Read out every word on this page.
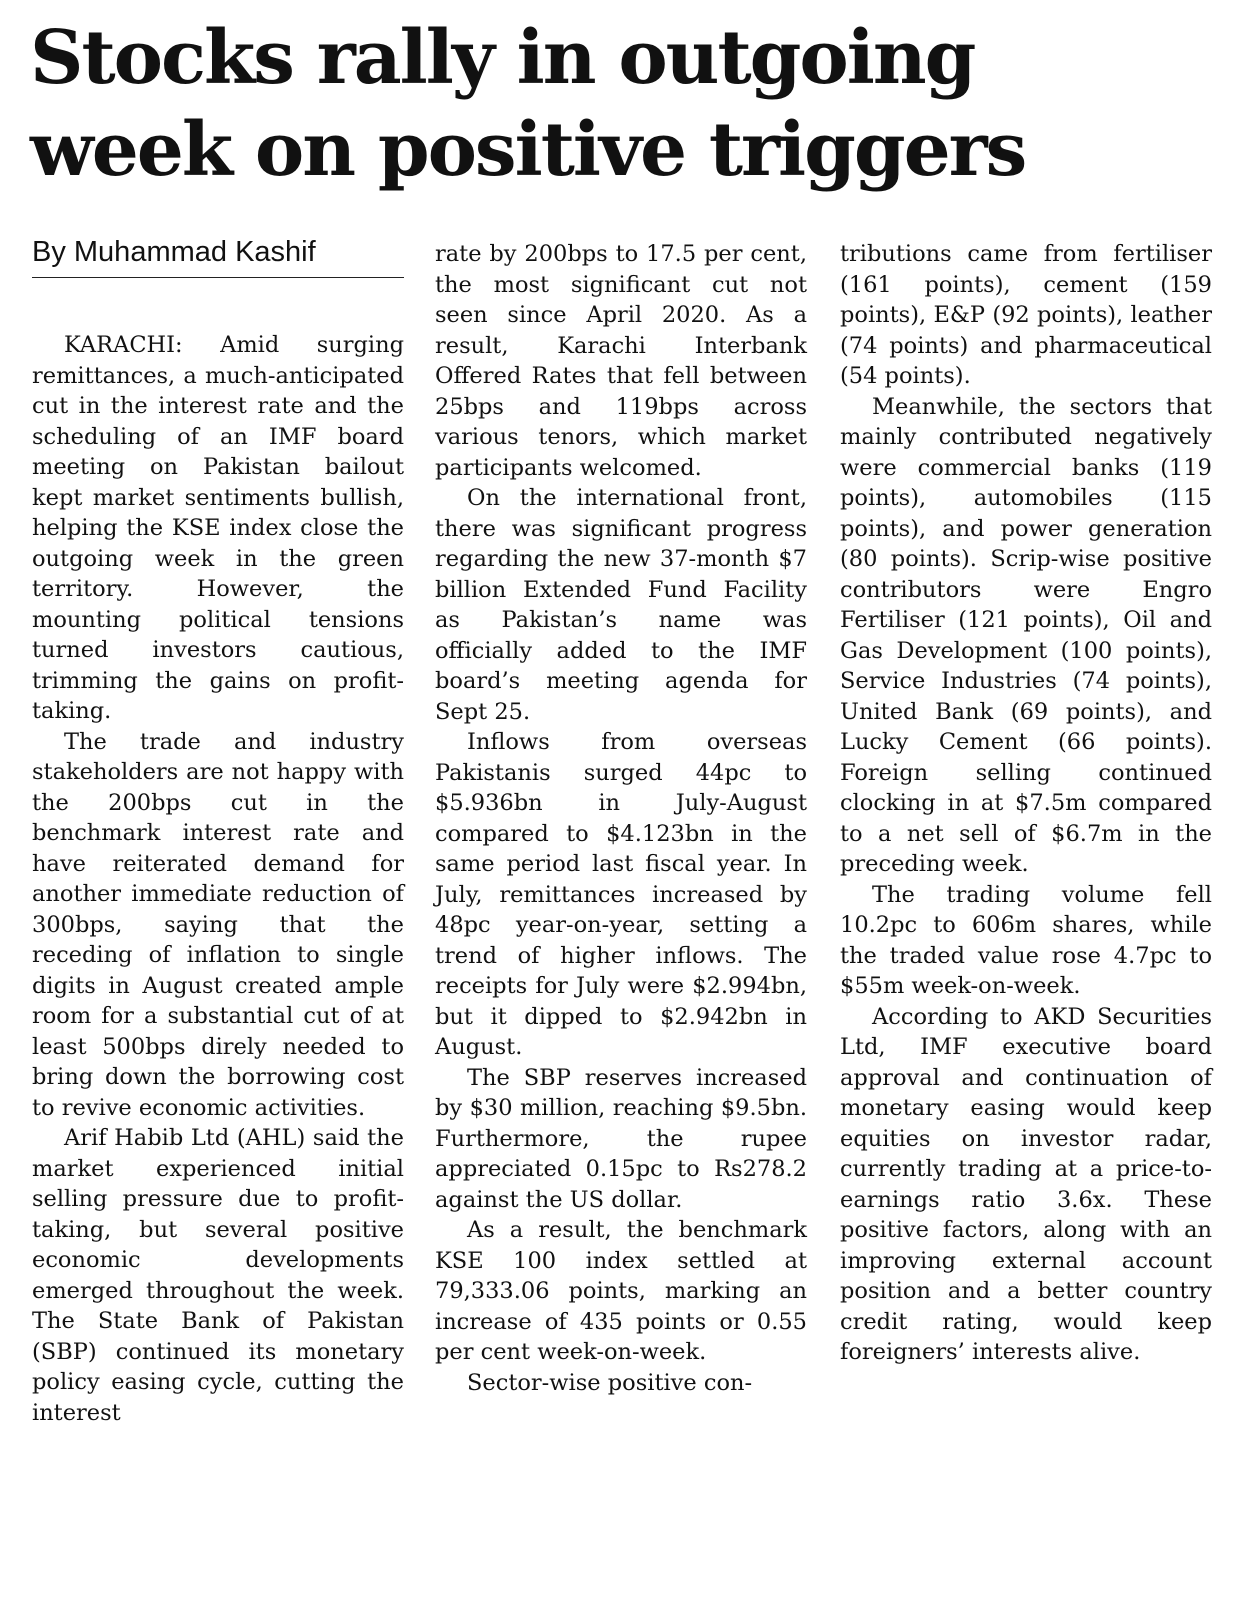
Stocks rally in outgoing
week on positive triggers
By Muhammad Kashif

KARACHI: Amid surging remittances, a much-anticipated cut in the interest rate and the scheduling of an IMF board meeting on Pakistan bailout kept market sentiments bullish, helping the KSE index close the outgoing week in the green territory. However, the mounting political tensions turned investors cautious, trimming the gains on profit-taking.

The trade and industry stakeholders are not happy with the 200bps cut in the benchmark interest rate and have reiterated demand for another immediate reduction of 300bps, saying that the receding of inflation to single digits in August created ample room for a substantial cut of at least 500bps direly needed to bring down the borrowing cost to revive economic activities.

Arif Habib Ltd (AHL) said the market experienced initial selling pressure due to profit-taking, but several positive economic developments emerged throughout the week. The State Bank of Pakistan (SBP) continued its monetary policy easing cycle, cutting the interest

rate by 200bps to 17.5 per cent, the most significant cut not seen since April 2020. As a result, Karachi Interbank Offered Rates that fell between 25bps and 119bps across various tenors, which market participants welcomed.

On the international front, there was significant progress regarding the new 37-month $7 billion Extended Fund Facility as Pakistan’s name was officially added to the IMF board’s meeting agenda for Sept 25.

Inflows from overseas Pakistanis surged 44pc to $5.936bn in July-August compared to $4.123bn in the same period last fiscal year. In July, remittances increased by 48pc year-on-year, setting a trend of higher inflows. The receipts for July were $2.994bn, but it dipped to $2.942bn in August.

The SBP reserves increased by $30 million, reaching $9.5bn. Furthermore, the rupee appreciated 0.15pc to Rs278.2 against the US dollar.

As a result, the benchmark KSE 100 index settled at 79,333.06 points, marking an increase of 435 points or 0.55 per cent week-on-week.

Sector-wise positive con-

tributions came from fertiliser (161 points), cement (159 points), E&P (92 points), leather (74 points) and pharmaceutical (54 points).

Meanwhile, the sectors that mainly contributed negatively were commercial banks (119 points), automobiles (115 points), and power generation (80 points). Scrip-wise positive contributors were Engro Fertiliser (121 points), Oil and Gas Development (100 points), Service Industries (74 points), United Bank (69 points), and Lucky Cement (66 points). Foreign selling continued clocking in at $7.5m compared to a net sell of $6.7m in the preceding week.

The trading volume fell 10.2pc to 606m shares, while the traded value rose 4.7pc to $55m week-on-week.

According to AKD Securities Ltd, IMF executive board approval and continuation of monetary easing would keep equities on investor radar, currently trading at a price-to-earnings ratio 3.6x. These positive factors, along with an improving external account position and a better country credit rating, would keep foreigners’ interests alive.
